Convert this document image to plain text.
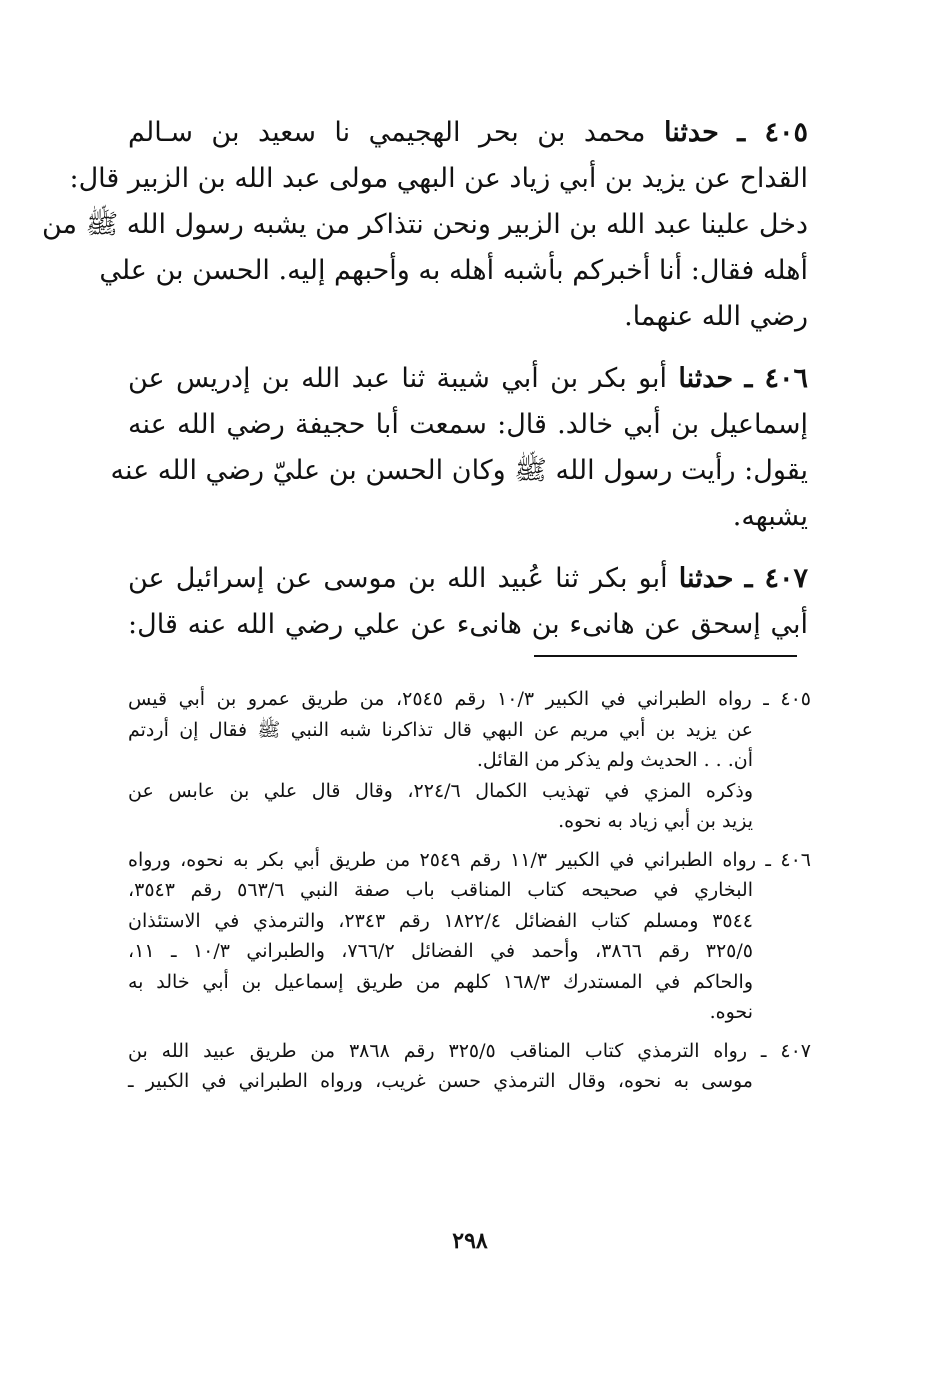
٤٠٥ ـ حدثنا محمد بن بحر الهجيمي نا سعيد بن سـالم
القداح عن يزيد بن أبي زياد عن البهي مولى عبد الله بن الزبير قال:
دخل علينا عبد الله بن الزبير ونحن نتذاكر من يشبه رسول الله ﷺ من
أهله فقال: أنا أخبركم بأشبه أهله به وأحبهم إليه. الحسن بن علي
رضي الله عنهما.
٤٠٦ ـ حدثنا أبو بكر بن أبي شيبة ثنا عبد الله بن إدريس عن
إسماعيل بن أبي خالد. قال: سمعت أبا حجيفة رضي الله عنه
يقول: رأيت رسول الله ﷺ وكان الحسن بن عليّ رضي الله عنه
يشبهه.
٤٠٧ ـ حدثنا أبو بكر ثنا عُبيد الله بن موسى عن إسرائيل عن
أبي إسحق عن هانىء بن هانىء عن علي رضي الله عنه قال:
٤٠٥ ـ رواه الطبراني في الكبير ١٠/٣ رقم ٢٥٤٥، من طريق عمرو بن أبي قيس
عن يزيد بن أبي مريم عن البهي قال تذاكرنا شبه النبي ﷺ فقال إن أردتم
أن. . . الحديث ولم يذكر من القائل.
وذكره المزي في تهذيب الكمال ٢٢٤/٦، وقال قال علي بن عابس عن
يزيد بن أبي زياد به نحوه.
٤٠٦ ـ رواه الطبراني في الكبير ١١/٣ رقم ٢٥٤٩ من طريق أبي بكر به نحوه، ورواه
البخاري في صحيحه كتاب المناقب باب صفة النبي ٥٦٣/٦ رقم ٣٥٤٣،
٣٥٤٤ ومسلم كتاب الفضائل ١٨٢٢/٤ رقم ٢٣٤٣، والترمذي في الاستئذان
٣٢٥/٥ رقم ٣٨٦٦، وأحمد في الفضائل ٧٦٦/٢، والطبراني ١٠/٣ ـ ١١،
والحاكم في المستدرك ١٦٨/٣ كلهم من طريق إسماعيل بن أبي خالد به
نحوه.
٤٠٧ ـ رواه الترمذي كتاب المناقب ٣٢٥/٥ رقم ٣٨٦٨ من طريق عبيد الله بن
موسى به نحوه، وقال الترمذي حسن غريب، ورواه الطبراني في الكبير ـ
٢٩٨
